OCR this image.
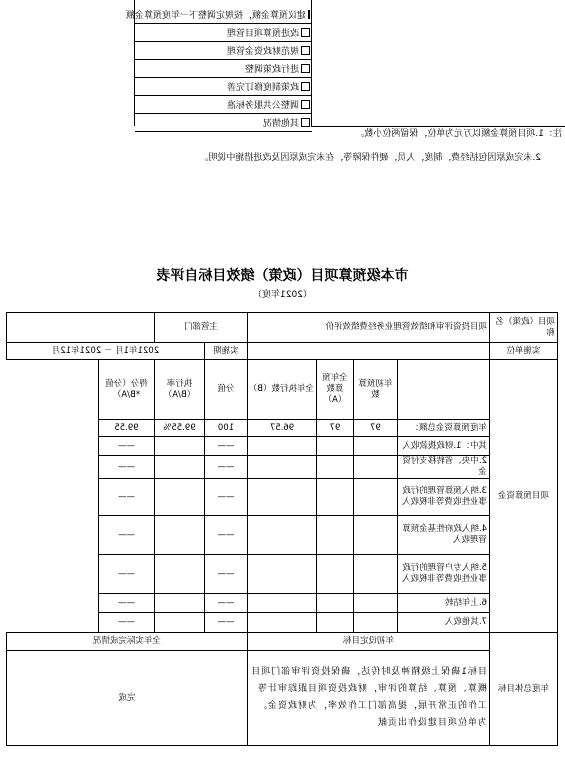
建议预算金额，按规定调整下一年度预算金额
改进预算项目管理
规范财政资金管理
进行政策调整
政策制度修订完善
调整公共服务标准
其他情况
注：1.项目预算金额以万元为单位，保留两位小数。
2.未完成原因包括经费，制度，人员，硬件保障等，在未完成原因及改进措施中说明。
市本级预算项目（政策）绩效目标自评表
（2021年度）
项目（政策）名称	项目投资评审和绩效管理业务经费绩效评价				主管部门		
实施单位					实施期	2021年1月 － 2021年12月	
项目预算资金		年初预算数	全年预算数（A）	全年执行数（B）	分值	执行率（B/A）	得分（分值*B/A）
	年度预算资金总额：	97	97	96.57	100	99.55%	99.55
	其中：1.财政拨款收入				——		——
	2.中央、省转移支付资金				——		——
	3.纳入预算管理的行政事业性收费等非税收入				——		——
	4.纳入政府性基金预算管理收入				——		——
	5.纳入专户管理的行政事业性收费等非税收入				——		——
	6.上年结转				——		——
	7.其他收入				——		——
年度总体目标	年初设定目标				全年实际完成情况		
	目标1确保上级精神及时传达，确保投资评审部门项目概算、预算、结算的评审，财政投资项目跟踪审计等工作的正常开展，提高部门工作效率，为财政资金。为单位项目建设作出贡献				完成		
